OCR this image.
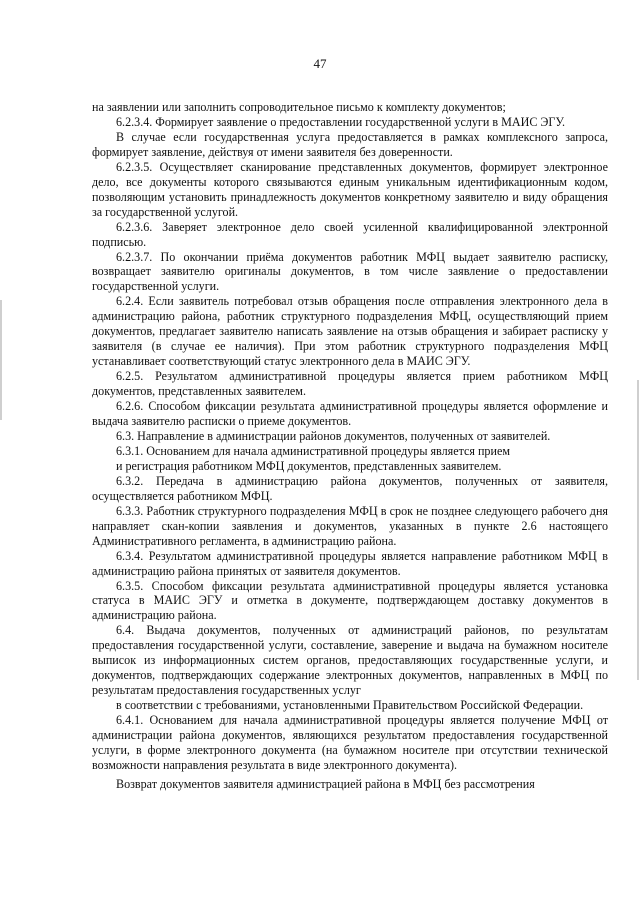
47

на заявлении или заполнить сопроводительное письмо к комплекту документов;

6.2.3.4. Формирует заявление о предоставлении государственной услуги в МАИС ЭГУ.

В случае если государственная услуга предоставляется в рамках комплексного запроса, формирует заявление, действуя от имени заявителя без доверенности.

6.2.3.5. Осуществляет сканирование представленных документов, формирует электронное дело, все документы которого связываются единым уникальным идентификационным кодом, позволяющим установить принадлежность документов конкретному заявителю и виду обращения за государственной услугой.

6.2.3.6. Заверяет электронное дело своей усиленной квалифицированной электронной подписью.

6.2.3.7. По окончании приёма документов работник МФЦ выдает заявителю расписку, возвращает заявителю оригиналы документов, в том числе заявление о предоставлении государственной услуги.

6.2.4. Если заявитель потребовал отзыв обращения после отправления электронного дела в администрацию района, работник структурного подразделения МФЦ, осуществляющий прием документов, предлагает заявителю написать заявление на отзыв обращения и забирает расписку у заявителя (в случае ее наличия). При этом работник структурного подразделения МФЦ устанавливает соответствующий статус электронного дела в МАИС ЭГУ.

6.2.5. Результатом административной процедуры является прием работником МФЦ документов, представленных заявителем.

6.2.6. Способом фиксации результата административной процедуры является оформление и выдача заявителю расписки о приеме документов.

6.3. Направление в администрации районов документов, полученных от заявителей.

6.3.1. Основанием для начала административной процедуры является прием

и регистрация работником МФЦ документов, представленных заявителем.

6.3.2. Передача в администрацию района документов, полученных от заявителя, осуществляется работником МФЦ.

6.3.3. Работник структурного подразделения МФЦ в срок не позднее следующего рабочего дня направляет скан-копии заявления и документов, указанных в пункте 2.6 настоящего Административного регламента, в администрацию района.

6.3.4. Результатом административной процедуры является направление работником МФЦ в администрацию района принятых от заявителя документов.

6.3.5. Способом фиксации результата административной процедуры является установка статуса в МАИС ЭГУ и отметка в документе, подтверждающем доставку документов в администрацию района.

6.4. Выдача документов, полученных от администраций районов, по результатам предоставления государственной услуги, составление, заверение и выдача на бумажном носителе выписок из информационных систем органов, предоставляющих государственные услуги, и документов, подтверждающих содержание электронных документов, направленных в МФЦ по результатам предоставления государственных услуг

в соответствии с требованиями, установленными Правительством Российской Федерации.

6.4.1. Основанием для начала административной процедуры является получение МФЦ от администрации района документов, являющихся результатом предоставления государственной услуги, в форме электронного документа (на бумажном носителе при отсутствии технической возможности направления результата в виде электронного документа).

Возврат документов заявителя администрацией района в МФЦ без рассмотрения
